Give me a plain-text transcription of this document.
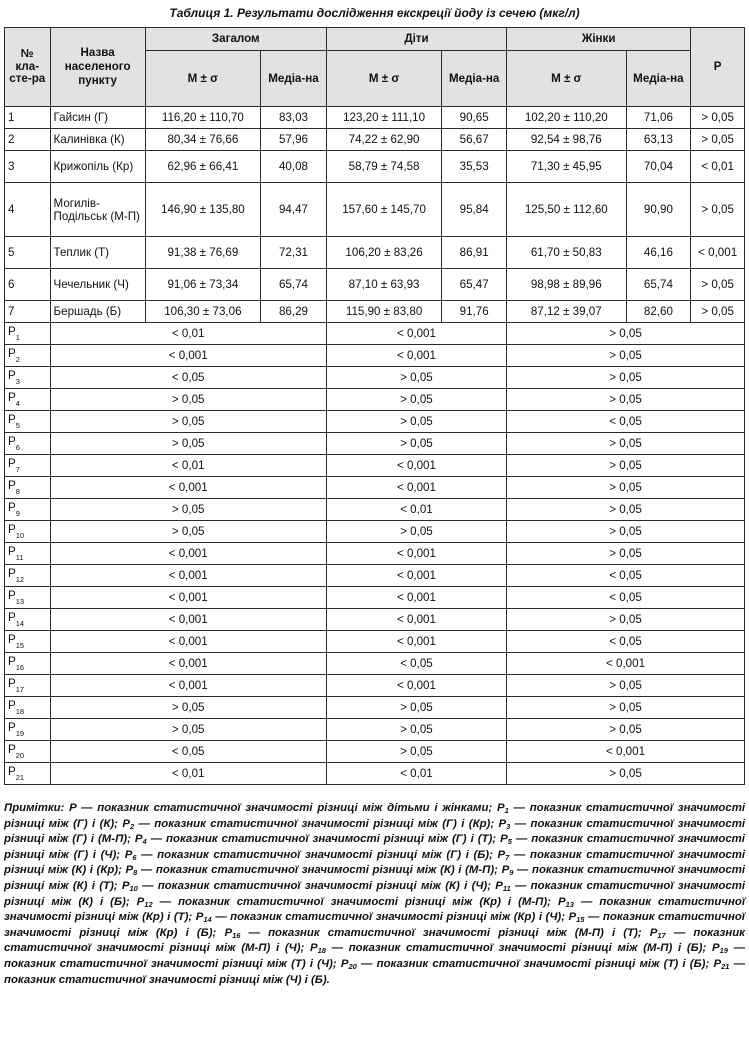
Таблиця 1. Результати дослідження екскреції йоду із сечею (мкг/л)
№ кла-сте-ра	Назва населеного пункту	Загалом		Діти		Жінки		P
		M ± σ	Медіа-на	M ± σ	Медіа-на	M ± σ	Медіа-на	
1	Гайсин (Г)	116,20 ± 110,70	83,03	123,20 ± 111,10	90,65	102,20 ± 110,20	71,06	> 0,05
2	Калинівка (К)	80,34 ± 76,66	57,96	74,22 ± 62,90	56,67	92,54 ± 98,76	63,13	> 0,05
3	Крижопіль (Кр)	62,96 ± 66,41	40,08	58,79 ± 74,58	35,53	71,30 ± 45,95	70,04	< 0,01
4	Могилів-Подільськ (М-П)	146,90 ± 135,80	94,47	157,60 ± 145,70	95,84	125,50 ± 112,60	90,90	> 0,05
5	Теплик (Т)	91,38 ± 76,69	72,31	106,20 ± 83,26	86,91	61,70 ± 50,83	46,16	< 0,001
6	Чечельник (Ч)	91,06 ± 73,34	65,74	87,10 ± 63,93	65,47	98,98 ± 89,96	65,74	> 0,05
7	Бершадь (Б)	106,30 ± 73,06	86,29	115,90 ± 83,80	91,76	87,12 ± 39,07	82,60	> 0,05
$P_1$	< 0,01			< 0,001		> 0,05		
$P_2$	< 0,001			< 0,001		> 0,05		
$P_3$	< 0,05			> 0,05		> 0,05		
$P_4$	> 0,05			> 0,05		> 0,05		
$P_5$	> 0,05			> 0,05		< 0,05		
$P_6$	> 0,05			> 0,05		> 0,05		
$P_7$	< 0,01			< 0,001		> 0,05		
$P_8$	< 0,001			< 0,001		> 0,05		
$P_9$	> 0,05			< 0,01		> 0,05		
$P_{10}$	> 0,05			> 0,05		> 0,05		
$P_{11}$	< 0,001			< 0,001		> 0,05		
$P_{12}$	< 0,001			< 0,001		< 0,05		
$P_{13}$	< 0,001			< 0,001		< 0,05		
$P_{14}$	< 0,001			< 0,001		> 0,05		
$P_{15}$	< 0,001			< 0,001		< 0,05		
$P_{16}$	< 0,001			< 0,05		< 0,001		
$P_{17}$	< 0,001			< 0,001		> 0,05		
$P_{18}$	> 0,05			> 0,05		> 0,05		
$P_{19}$	> 0,05			> 0,05		> 0,05		
$P_{20}$	< 0,05			> 0,05		< 0,001		
$P_{21}$	< 0,01			< 0,01		> 0,05		
Примітки: P — показник статистичної значимості різниці між дітьми і жінками; $P_1$ — показник статистичної значимості різниці між (Г) і (К); $P_2$ — показник статистичної значимості різниці між (Г) і (Кр); $P_3$ — показник статистичної значимості різниці між (Г) і (М-П); $P_4$ — показник статистичної значимості різниці між (Г) і (Т); $P_5$ — показник статистичної значимості різниці між (Г) і (Ч); $P_6$ — показник статистичної значимості різниці між (Г) і (Б); $P_7$ — показник статистичної значимості різниці між (К) і (Кр); $P_8$ — показник статистичної значимості різниці між (К) і (М-П); $P_9$ — показник статистичної значимості різниці між (К) і (Т); $P_{10}$ — показник статистичної значимості різниці між (К) і (Ч); $P_{11}$ — показник статистичної значимості різниці між (К) і (Б); $P_{12}$ — показник статистичної значимості різниці між (Кр) і (М-П); $P_{13}$ — показник статистичної значимості різниці між (Кр) і (Т); $P_{14}$ — показник статистичної значимості різниці між (Кр) і (Ч); $P_{15}$ — показник статистичної значимості різниці між (Кр) і (Б); $P_{16}$ — показник статистичної значимості різниці між (М-П) і (Т); $P_{17}$ — показник статистичної значимості різниці між (М-П) і (Ч); $P_{18}$ — показник статистичної значимості різниці між (М-П) і (Б); $P_{19}$ — показник статистичної значимості різниці між (Т) і (Ч); $P_{20}$ — показник статистичної значимості різниці між (Т) і (Б); $P_{21}$ — показник статистичної значимості різниці між (Ч) і (Б).
